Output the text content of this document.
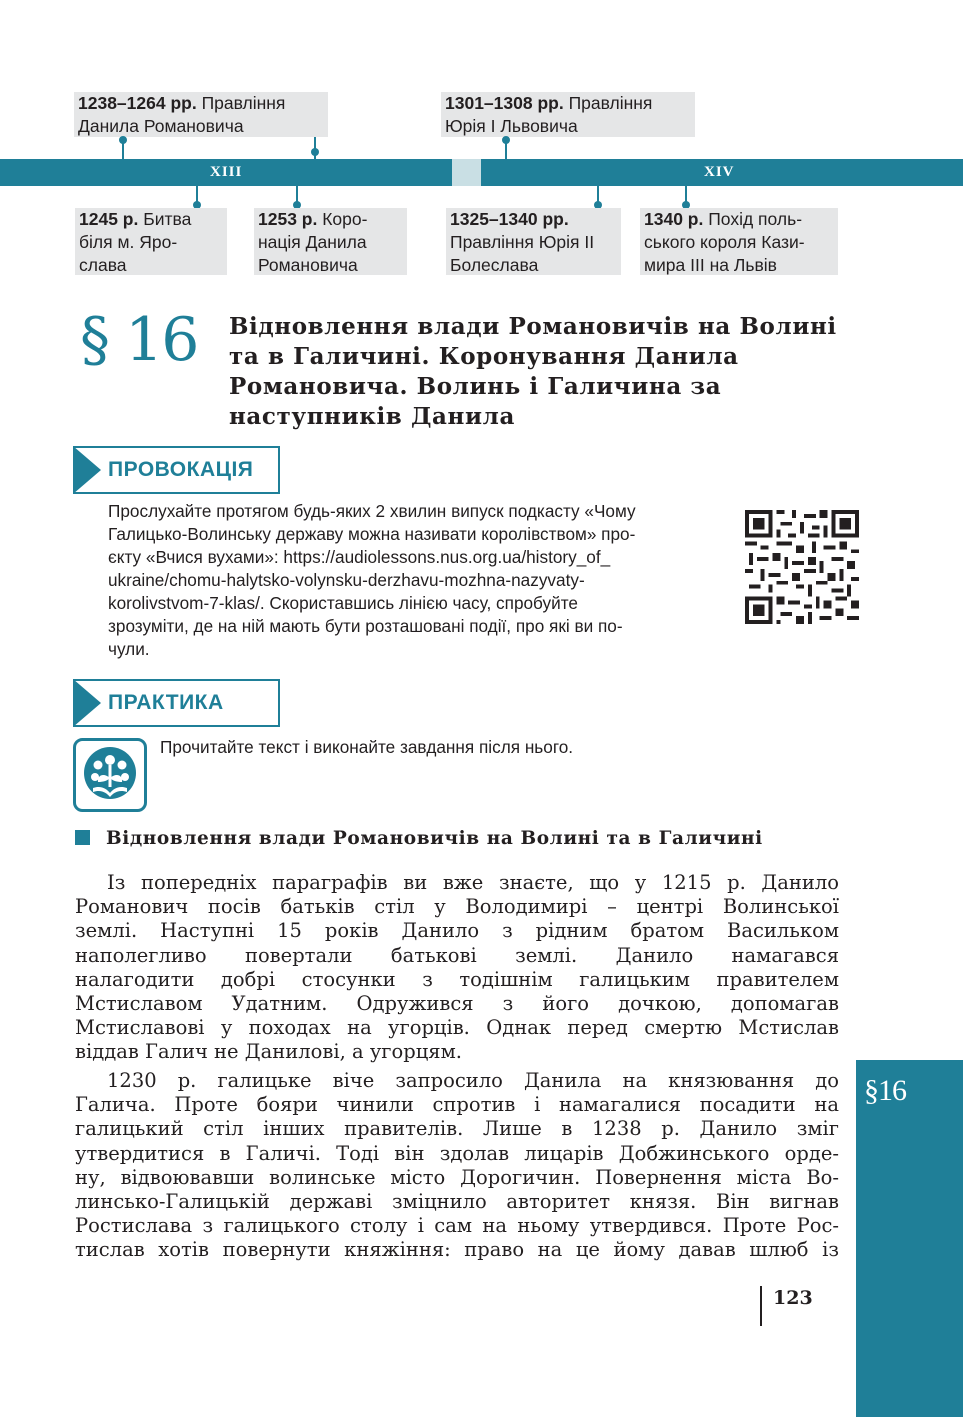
1238–1264 рр. Правління
Данила Романовича
1301–1308 рр. Правління
Юрія І Львовича
XIII	XIV
1245 р. Битва
біля м. Яро-
слава
1253 р. Коро-
нація Данила
Романовича
1325–1340 рр.
Правління Юрія ІІ
Болеслава
1340 р. Похід поль-
ського короля Кази-
мира ІІІ на Львів
§ 16 Відновлення влади Романовичів на Волині
та в Галичині. Коронування Данила
Романовича. Волинь і Галичина за
наступників Данила
ПРОВОКАЦІЯ
Прослухайте протягом будь-яких 2 хвилин випуск подкасту «Чому
Галицько-Волинську державу можна називати королівством» про-
єкту «Вчися вухами»: https://audiolessons.nus.org.ua/history_of_
ukraine/chomu-halytsko-volynsku-derzhavu-mozhna-nazyvaty-
korolivstvom-7-klas/. Скориставшись лінією часу, спробуйте
зрозуміти, де на ній мають бути розташовані події, про які ви по-
чули.
ПРАКТИКА
Прочитайте текст і виконайте завдання після нього.
Відновлення влади Романовичів на Волині та в Галичині
Із попередніх параграфів ви вже знаєте, що у 1215 р. Данило
Романович посів батьків стіл у Володимирі – центрі Волинської
землі. Наступні 15 років Данило з рідним братом Васильком
наполегливо повертали батькові землі. Данило намагався
налагодити добрі стосунки з тодішнім галицьким правителем
Мстиславом Удатним. Одружився з його дочкою, допомагав
Мстиславові у походах на угорців. Однак перед смертю Мстислав
віддав Галич не Данилові, а угорцям.
1230 р. галицьке віче запросило Данила на князювання до
Галича. Проте бояри чинили спротив і намагалися посадити на
галицький стіл інших правителів. Лише в 1238 р. Данило зміг
утвердитися в Галичі. Тоді він здолав лицарів Добжинського орде-
ну, відвоювавши волинське місто Дорогичин. Повернення міста Во-
линсько-Галицькій державі зміцнило авторитет князя. Він вигнав
Ростислава з галицького столу і сам на ньому утвердився. Проте Рос-
тислав хотів повернути княжіння: право на це йому давав шлюб із
§16
123
